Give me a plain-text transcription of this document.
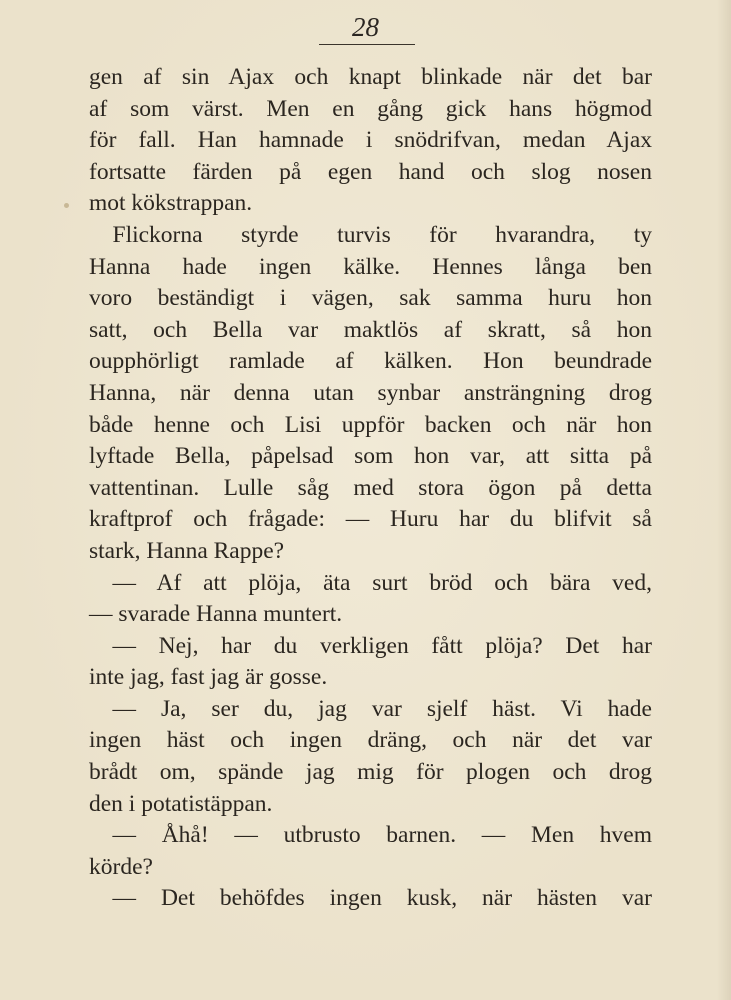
28
gen af sin Ajax och knapt blinkade när det bar
af som värst. Men en gång gick hans högmod
för fall. Han hamnade i snödrifvan, medan Ajax
fortsatte färden på egen hand och slog nosen
mot kökstrappan.
 Flickorna styrde turvis för hvarandra, ty
Hanna hade ingen kälke. Hennes långa ben
voro beständigt i vägen, sak samma huru hon
satt, och Bella var maktlös af skratt, så hon
oupphörligt ramlade af kälken. Hon beundrade
Hanna, när denna utan synbar ansträngning drog
både henne och Lisi uppför backen och när hon
lyftade Bella, påpelsad som hon var, att sitta på
vattentinan. Lulle såg med stora ögon på detta
kraftprof och frågade: — Huru har du blifvit så
stark, Hanna Rappe?
 — Af att plöja, äta surt bröd och bära ved,
— svarade Hanna muntert.
 — Nej, har du verkligen fått plöja? Det har
inte jag, fast jag är gosse.
 — Ja, ser du, jag var sjelf häst. Vi hade
ingen häst och ingen dräng, och när det var
brådt om, spände jag mig för plogen och drog
den i potatistäppan.
 — Åhå! — utbrusto barnen. — Men hvem
körde?
 — Det behöfdes ingen kusk, när hästen var
